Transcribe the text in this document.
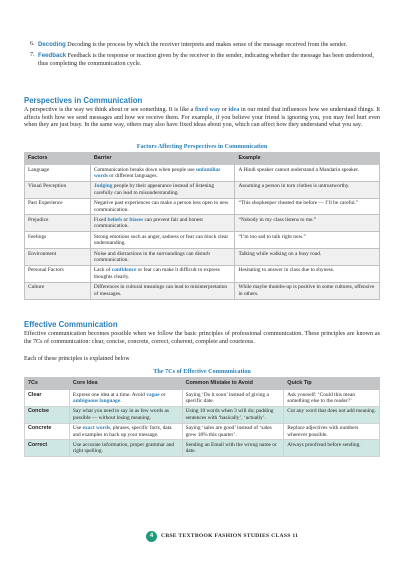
6. Decoding Decoding is the process by which the receiver interprets and makes sense of the message received from the sender.
7. Feedback Feedback is the response or reaction given by the receiver to the sender, indicating whether the message has been understood, thus completing the communication cycle.
Perspectives in Communication

A perspective is the way we think about or see something. It is like a fixed way or idea in our mind that influences how we understand things. It affects both how we send messages and how we receive them. For example, if you believe your friend is ignoring you, you may feel hurt even when they are just busy. In the same way, others may also have fixed ideas about you, which can affect how they understand what you say.

Factors Affecting Perspectives in Communication

Factors	Barrier	Example
Language	Communication breaks down when people use unfamiliar words or different languages.	A Hindi speaker cannot understand a Mandarin speaker.
Visual Perception	Judging people by their appearance instead of listening carefully can lead to misunderstanding.	Assuming a person in torn clothes is untrustworthy.
Past Experience	Negative past experiences can make a person less open to new communication.	“This shopkeeper cheated me before — I’ll be careful.”
Prejudice	Fixed beliefs or biases can prevent fair and honest communication.	“Nobody in my class listens to me.”
Feelings	Strong emotions such as anger, sadness or fear can block clear understanding.	“I’m too sad to talk right now.”
Environment	Noise and distractions in the surroundings can disturb communication.	Talking while walking on a busy road.
Personal Factors	Lack of confidence or fear can make it difficult to express thoughts clearly.	Hesitating to answer in class due to shyness.
Culture	Differences in cultural meanings can lead to misinterpretation of messages.	While maybe thumbs-up is positive in some cultures, offensive in others.
Effective Communication

Effective communication becomes possible when we follow the basic principles of professional communication. These principles are known as the 7Cs of communication: clear, concise, concrete, correct, coherent, complete and courteous.

Each of these principles is explained below

The 7Cs of Effective Communication

7Cs	Core Idea	Common Mistake to Avoid	Quick Tip
Clear	Express one idea at a time. Avoid vague or ambiguous language.	Saying ‘Do it soon’ instead of giving a specific date.	Ask yourself: ‘Could this mean something else to the reader?’
Concise	Say what you need to say in as few words as possible — without losing meaning.	Using 10 words when 3 will do; padding sentences with ‘basically’, ‘actually’.	Cut any word that does not add meaning.
Concrete	Use exact words, phrases, specific facts, data and examples to back up your message.	Saying ‘sales are good’ instead of ‘sales grew 18% this quarter’.	Replace adjectives with numbers wherever possible.
Correct	Use accurate information, proper grammar and right spelling.	Sending an Email with the wrong name or date.	Always proofread before sending.
4	CBSE TEXTBOOK FASHION STUDIES CLASS 11
